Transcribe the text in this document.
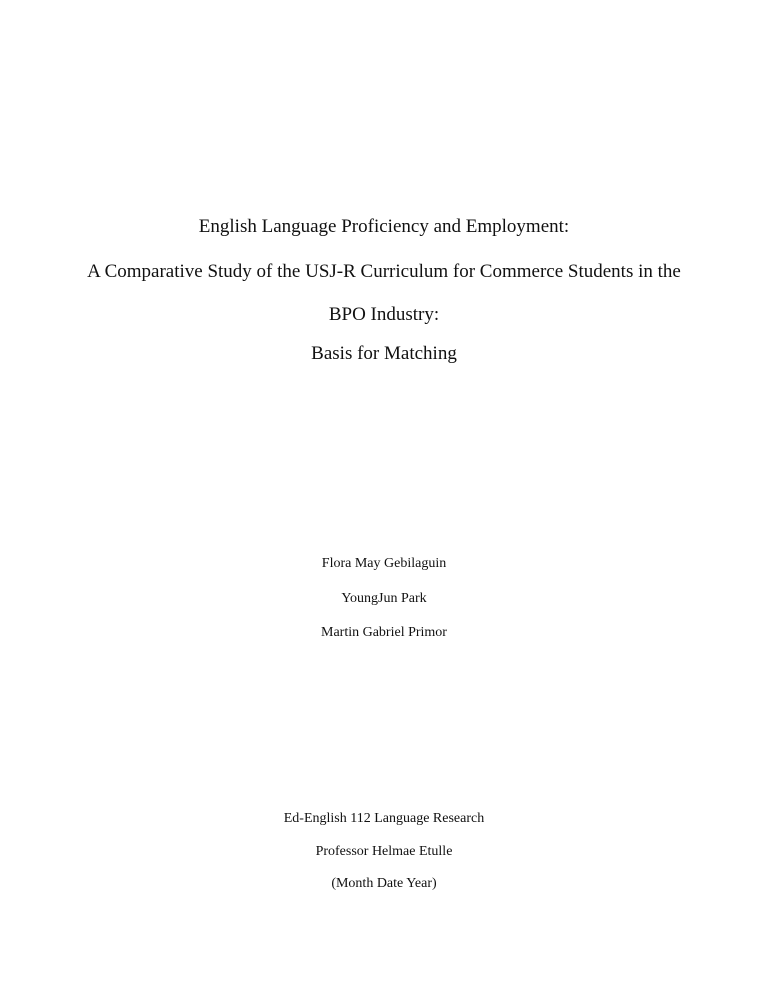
English Language Proficiency and Employment:
A Comparative Study of the USJ-R Curriculum for Commerce Students in the
BPO Industry:
Basis for Matching
Flora May Gebilaguin
YoungJun Park
Martin Gabriel Primor
Ed-English 112 Language Research
Professor Helmae Etulle
(Month Date Year)
